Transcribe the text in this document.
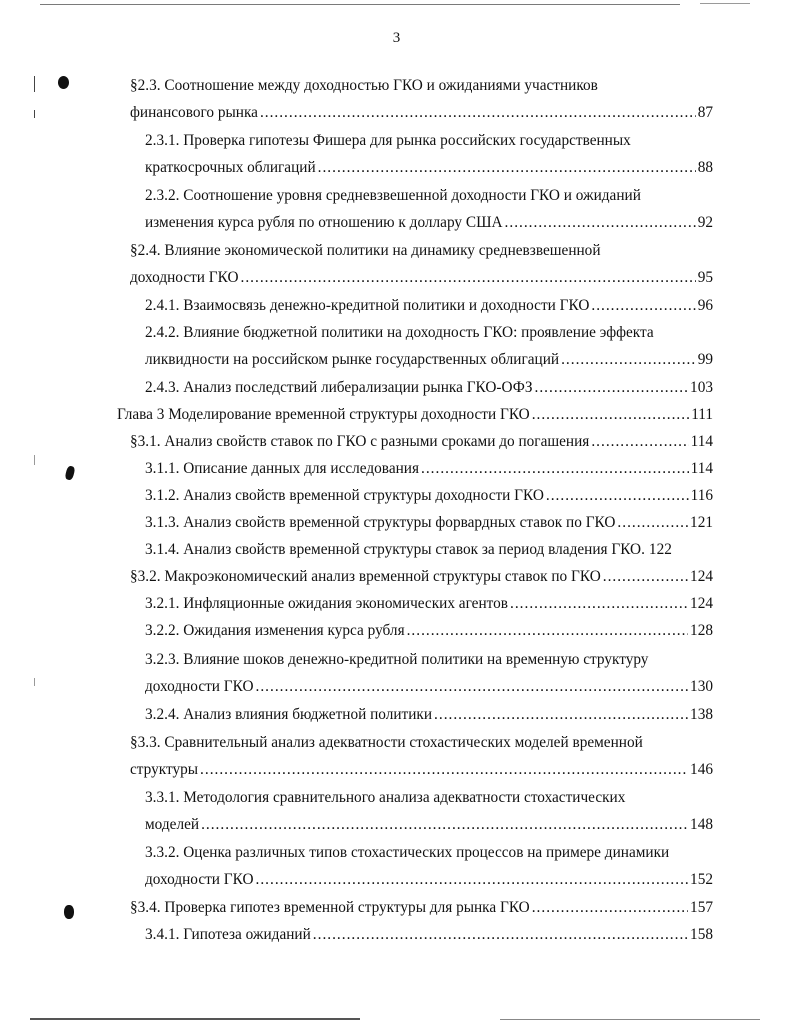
3
§2.3. Соотношение между доходностью ГКО и ожиданиями участников
финансового рынка .....	87
2.3.1. Проверка гипотезы Фишера для рынка российских государственных
краткосрочных облигаций .....	88
2.3.2. Соотношение уровня средневзвешенной доходности ГКО и ожиданий
изменения курса рубля по отношению к доллару США .....	92
§2.4. Влияние экономической политики на динамику средневзвешенной
доходности ГКО .....	95
2.4.1. Взаимосвязь денежно-кредитной политики и доходности ГКО .....	96
2.4.2. Влияние бюджетной политики на доходность ГКО: проявление эффекта
ликвидности на российском рынке государственных облигаций .....	99
2.4.3. Анализ последствий либерализации рынка ГКО-ОФЗ .....	103
Глава 3 Моделирование временной структуры доходности ГКО .....	111
§3.1. Анализ свойств ставок по ГКО с разными сроками до погашения .....	114
3.1.1. Описание данных для исследования .....	114
3.1.2. Анализ свойств временной структуры доходности ГКО .....	116
3.1.3. Анализ свойств временной структуры форвардных ставок по ГКО .....	121
3.1.4. Анализ свойств временной структуры ставок за период владения ГКО. 122
§3.2. Макроэкономический анализ временной структуры ставок по ГКО .....	124
3.2.1. Инфляционные ожидания экономических агентов .....	124
3.2.2. Ожидания изменения курса рубля .....	128
3.2.3. Влияние шоков денежно-кредитной политики на временную структуру
доходности ГКО .....	130
3.2.4. Анализ влияния бюджетной политики .....	138
§3.3. Сравнительный анализ адекватности стохастических моделей временной
структуры .....	146
3.3.1. Методология сравнительного анализа адекватности стохастических
моделей .....	148
3.3.2. Оценка различных типов стохастических процессов на примере динамики
доходности ГКО .....	152
§3.4. Проверка гипотез временной структуры для рынка ГКО .....	157
3.4.1. Гипотеза ожиданий .....	158
